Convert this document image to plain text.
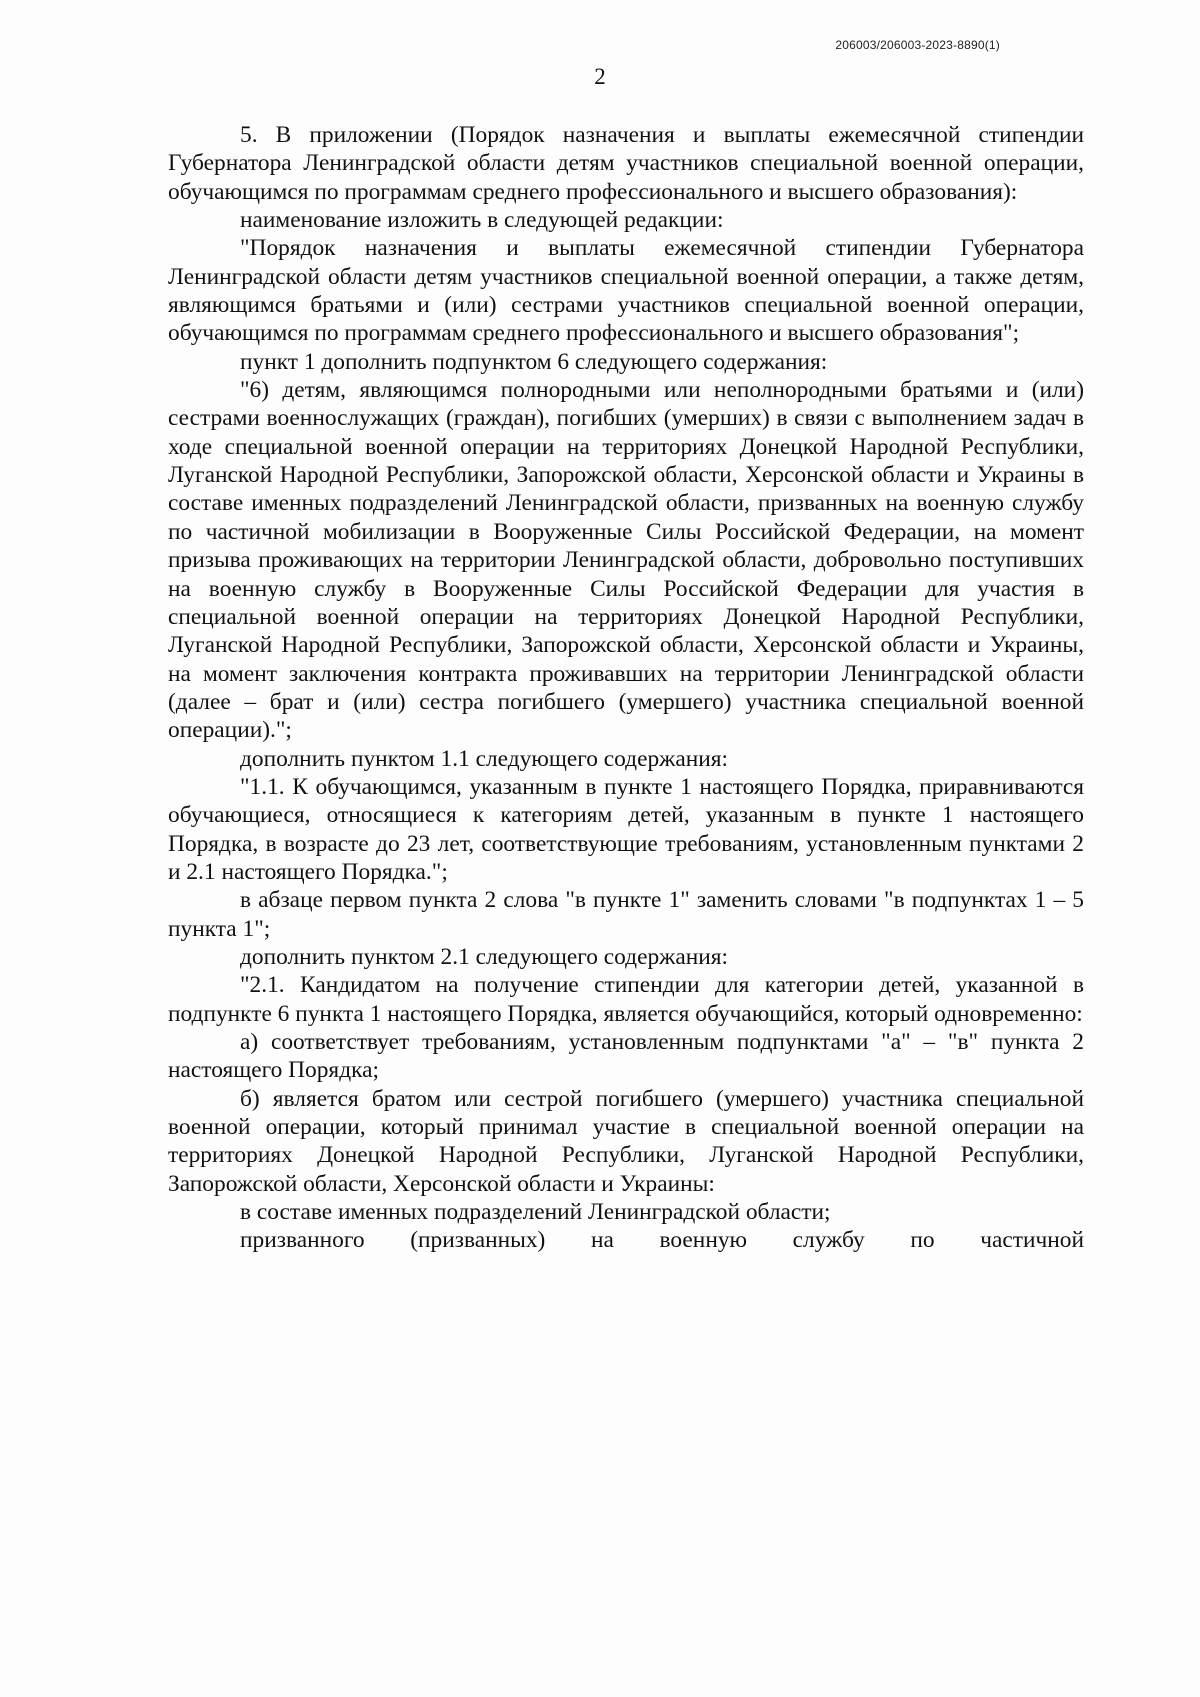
206003/206003-2023-8890(1)
2

5. В приложении (Порядок назначения и выплаты ежемесячной стипендии Губернатора Ленинградской области детям участников специальной военной операции, обучающимся по программам среднего профессионального и высшего образования):

наименование изложить в следующей редакции:

"Порядок назначения и выплаты ежемесячной стипендии Губернатора Ленинградской области детям участников специальной военной операции, а также детям, являющимся братьями и (или) сестрами участников специальной военной операции, обучающимся по программам среднего профессионального и высшего образования";

пункт 1 дополнить подпунктом 6 следующего содержания:

"6) детям, являющимся полнородными или неполнородными братьями и (или) сестрами военнослужащих (граждан), погибших (умерших) в связи с выполнением задач в ходе специальной военной операции на территориях Донецкой Народной Республики, Луганской Народной Республики, Запорожской области, Херсонской области и Украины в составе именных подразделений Ленинградской области, призванных на военную службу по частичной мобилизации в Вооруженные Силы Российской Федерации, на момент призыва проживающих на территории Ленинградской области, добровольно поступивших на военную службу в Вооруженные Силы Российской Федерации для участия в специальной военной операции на территориях Донецкой Народной Республики, Луганской Народной Республики, Запорожской области, Херсонской области и Украины, на момент заключения контракта проживавших на территории Ленинградской области (далее – брат и (или) сестра погибшего (умершего) участника специальной военной операции).";

дополнить пунктом 1.1 следующего содержания:

"1.1. К обучающимся, указанным в пункте 1 настоящего Порядка, приравниваются обучающиеся, относящиеся к категориям детей, указанным в пункте 1 настоящего Порядка, в возрасте до 23 лет, соответствующие требованиям, установленным пунктами 2 и 2.1 настоящего Порядка.";

в абзаце первом пункта 2 слова "в пункте 1" заменить словами "в подпунктах 1 – 5 пункта 1";

дополнить пунктом 2.1 следующего содержания:

"2.1. Кандидатом на получение стипендии для категории детей, указанной в подпункте 6 пункта 1 настоящего Порядка, является обучающийся, который одновременно:

а) соответствует требованиям, установленным подпунктами "а" – "в" пункта 2 настоящего Порядка;

б) является братом или сестрой погибшего (умершего) участника специальной военной операции, который принимал участие в специальной военной операции на территориях Донецкой Народной Республики, Луганской Народной Республики, Запорожской области, Херсонской области и Украины:

в составе именных подразделений Ленинградской области;

призванного (призванных) на военную службу по частичной
